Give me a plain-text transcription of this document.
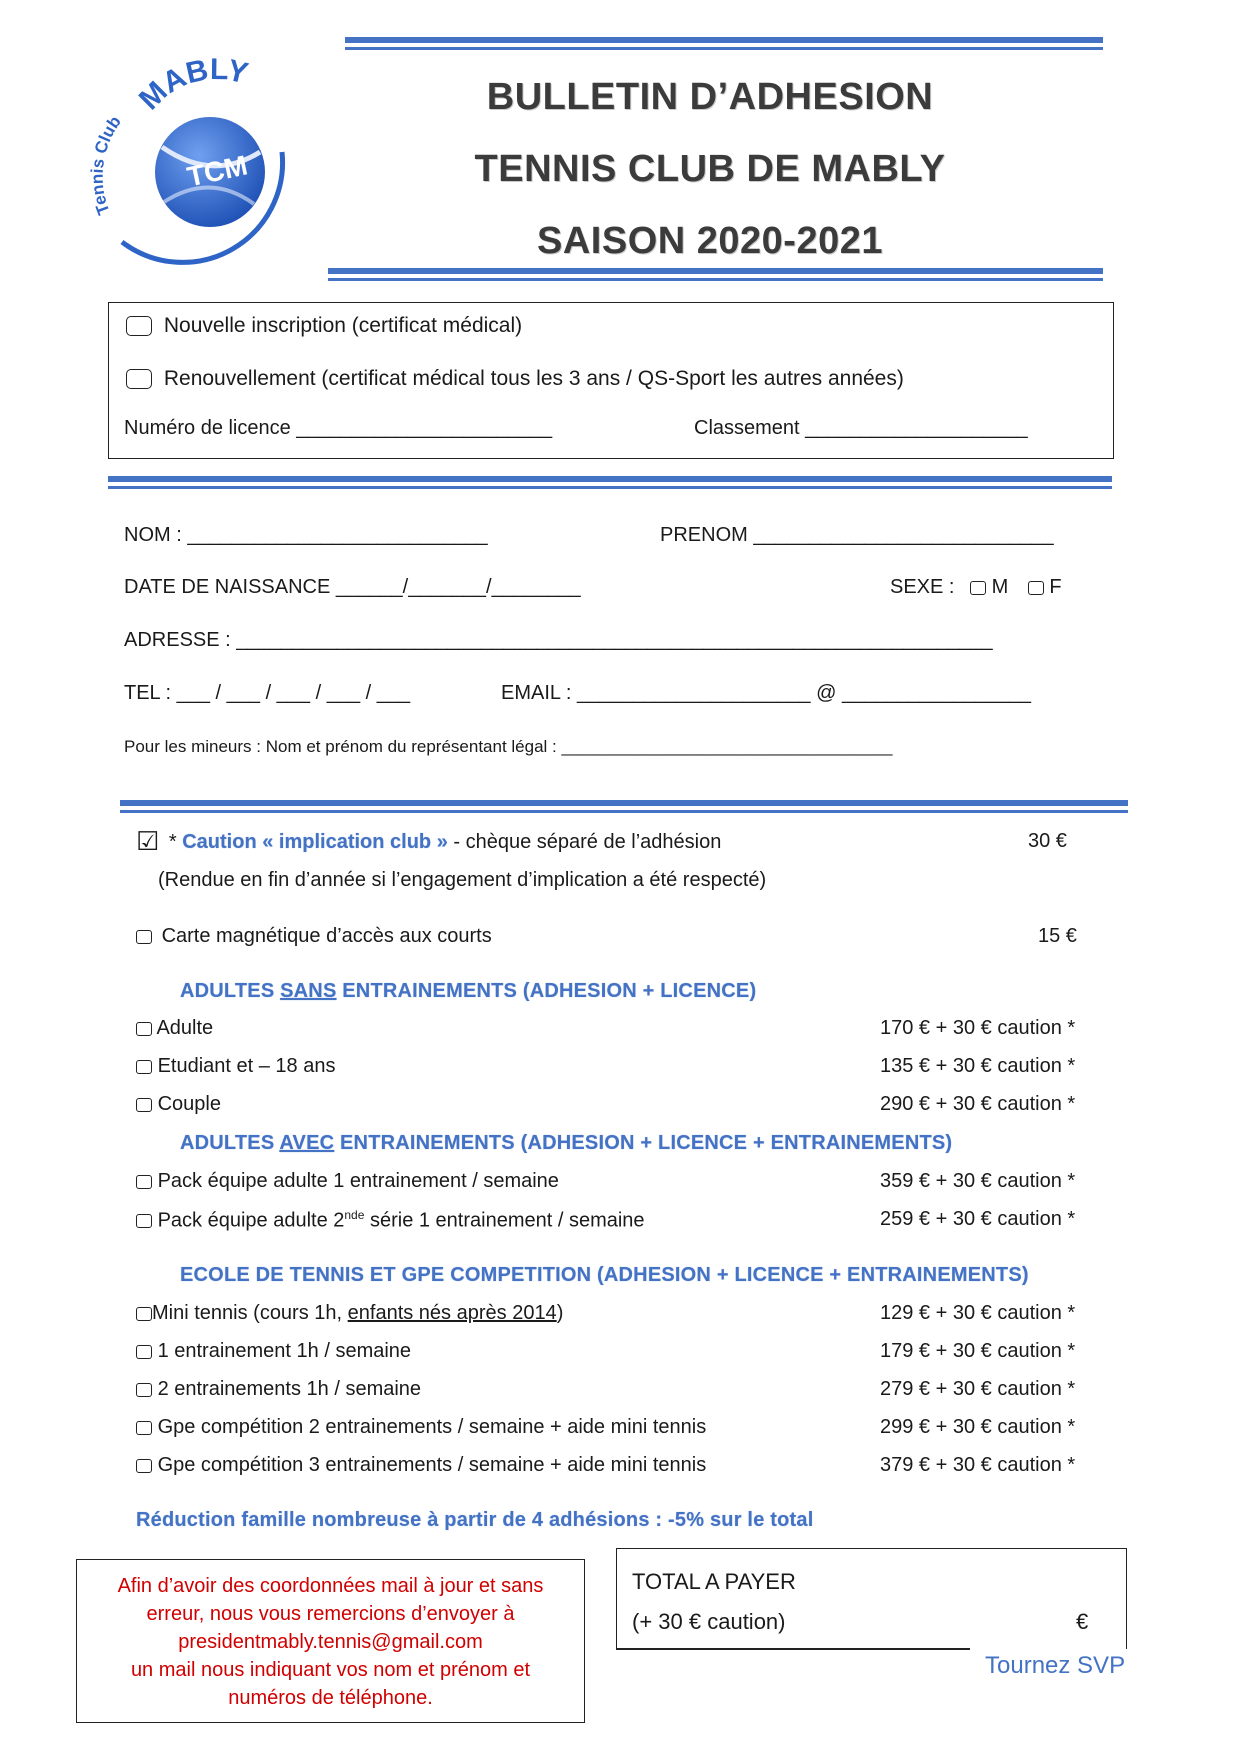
TCM
MABLY
Tennis Club
BULLETIN D’ADHESION
TENNIS CLUB DE MABLY
SAISON 2020-2021
Nouvelle inscription (certificat médical)
Renouvellement (certificat médical tous les 3 ans / QS-Sport les autres années)
Numéro de licence _______________________	Classement ____________________
NOM : ___________________________	PRENOM ___________________________
DATE DE NAISSANCE ______/_______/________	SEXE : M F
ADRESSE : ____________________________________________________________________
TEL : ___ / ___ / ___ / ___ / ___	EMAIL : _____________________ @ _________________
Pour les mineurs : Nom et prénom du représentant légal : ___________________________________
☑ * Caution « implication club » - chèque séparé de l’adhésion	30 €
(Rendue en fin d’année si l’engagement d’implication a été respecté)
Carte magnétique d’accès aux courts	15 €
ADULTES SANS ENTRAINEMENTS (ADHESION + LICENCE)
Adulte	170 € + 30 € caution *
Etudiant et – 18 ans	135 € + 30 € caution *
Couple	290 € + 30 € caution *
ADULTES AVEC ENTRAINEMENTS (ADHESION + LICENCE + ENTRAINEMENTS)
Pack équipe adulte 1 entrainement / semaine	359 € + 30 € caution *
Pack équipe adulte 2nde série 1 entrainement / semaine	259 € + 30 € caution *
ECOLE DE TENNIS ET GPE COMPETITION (ADHESION + LICENCE + ENTRAINEMENTS)
Mini tennis (cours 1h, enfants nés après 2014)	129 € + 30 € caution *
1 entrainement 1h / semaine	179 € + 30 € caution *
2 entrainements 1h / semaine	279 € + 30 € caution *
Gpe compétition 2 entrainements / semaine + aide mini tennis	299 € + 30 € caution *
Gpe compétition 3 entrainements / semaine + aide mini tennis	379 € + 30 € caution *
Réduction famille nombreuse à partir de 4 adhésions : -5% sur le total
Afin d’avoir des coordonnées mail à jour et sans
erreur, nous vous remercions d’envoyer à
presidentmably.tennis@gmail.com
un mail nous indiquant vos nom et prénom et
numéros de téléphone.
TOTAL A PAYER
(+ 30 € caution)	€
Tournez SVP
